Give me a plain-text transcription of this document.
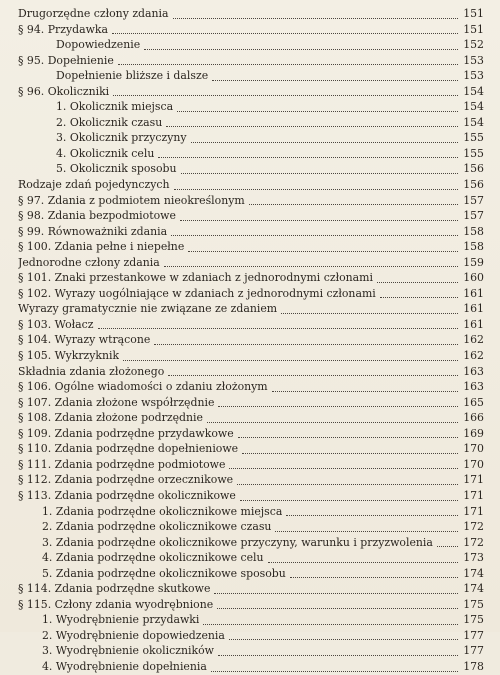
Drugorzędne człony zdania	151
§ 94. Przydawka	151
Dopowiedzenie	152
§ 95. Dopełnienie	153
Dopełnienie bliższe i dalsze	153
§ 96. Okoliczniki	154
1. Okolicznik miejsca	154
2. Okolicznik czasu	154
3. Okolicznik przyczyny	155
4. Okolicznik celu	155
5. Okolicznik sposobu	156
Rodzaje zdań pojedynczych	156
§ 97. Zdania z podmiotem nieokreślonym	157
§ 98. Zdania bezpodmiotowe	157
§ 99. Równoważniki zdania	158
§ 100. Zdania pełne i niepełne	158
Jednorodne człony zdania	159
§ 101. Znaki przestankowe w zdaniach z jednorodnymi członami	160
§ 102. Wyrazy uogólniające w zdaniach z jednorodnymi członami	161
Wyrazy gramatycznie nie związane ze zdaniem	161
§ 103. Wołacz	161
§ 104. Wyrazy wtrącone	162
§ 105. Wykrzyknik	162
Składnia zdania złożonego	163
§ 106. Ogólne wiadomości o zdaniu złożonym	163
§ 107. Zdania złożone współrzędnie	165
§ 108. Zdania złożone podrzędnie	166
§ 109. Zdania podrzędne przydawkowe	169
§ 110. Zdania podrzędne dopełnieniowe	170
§ 111. Zdania podrzędne podmiotowe	170
§ 112. Zdania podrzędne orzecznikowe	171
§ 113. Zdania podrzędne okolicznikowe	171
1. Zdania podrzędne okolicznikowe miejsca	171
2. Zdania podrzędne okolicznikowe czasu	172
3. Zdania podrzędne okolicznikowe przyczyny, warunku i przyzwolenia	172
4. Zdania podrzędne okolicznikowe celu	173
5. Zdania podrzędne okolicznikowe sposobu	174
§ 114. Zdania podrzędne skutkowe	174
§ 115. Człony zdania wyodrębnione	175
1. Wyodrębnienie przydawki	175
2. Wyodrębnienie dopowiedzenia	177
3. Wyodrębnienie okoliczników	177
4. Wyodrębnienie dopełnienia	178
